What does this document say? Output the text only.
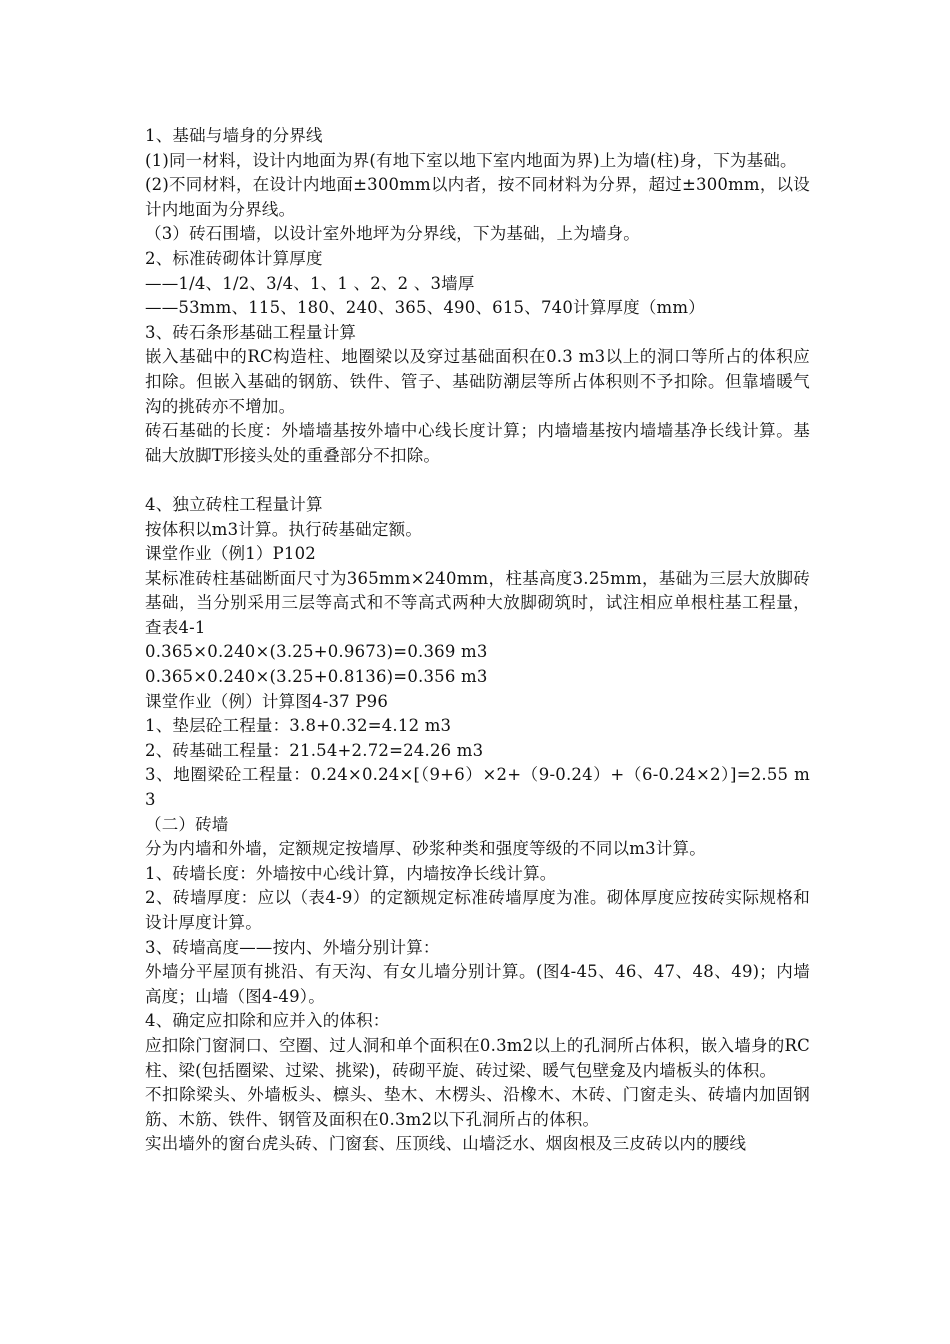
1、基础与墙身的分界线

(1)同一材料，设计内地面为界(有地下室以地下室内地面为界)上为墙(柱)身，下为基础。

(2)不同材料，在设计内地面±300mm以内者，按不同材料为分界，超过±300mm，以设计内地面为分界线。

（3）砖石围墙，以设计室外地坪为分界线，下为基础，上为墙身。

2、标准砖砌体计算厚度

——1/4、1/2、3/4、1、1 、2、2 、3墙厚

——53mm、115、180、240、365、490、615、740计算厚度（mm）

3、砖石条形基础工程量计算

嵌入基础中的RC构造柱、地圈梁以及穿过基础面积在0.3 m3以上的洞口等所占的体积应扣除。但嵌入基础的钢筋、铁件、管子、基础防潮层等所占体积则不予扣除。但靠墙暖气沟的挑砖亦不增加。

砖石基础的长度：外墙墙基按外墙中心线长度计算；内墙墙基按内墙墙基净长线计算。基础大放脚T形接头处的重叠部分不扣除。

4、独立砖柱工程量计算

按体积以m3计算。执行砖基础定额。

课堂作业（例1）P102

某标准砖柱基础断面尺寸为365mm×240mm，柱基高度3.25mm，基础为三层大放脚砖基础，当分别采用三层等高式和不等高式两种大放脚砌筑时，试注相应单根柱基工程量，查表4-1

0.365×0.240×(3.25+0.9673)=0.369 m3

0.365×0.240×(3.25+0.8136)=0.356 m3

课堂作业（例）计算图4-37 P96

1、垫层砼工程量：3.8+0.32=4.12 m3

2、砖基础工程量：21.54+2.72=24.26 m3

3、地圈梁砼工程量：0.24×0.24×[（9+6）×2+（9-0.24）+（6-0.24×2）]=2.55 m3

（二）砖墙

分为内墙和外墙，定额规定按墙厚、砂浆种类和强度等级的不同以m3计算。

1、砖墙长度：外墙按中心线计算，内墙按净长线计算。

2、砖墙厚度：应以（表4-9）的定额规定标准砖墙厚度为准。砌体厚度应按砖实际规格和设计厚度计算。

3、砖墙高度——按内、外墙分别计算：

外墙分平屋顶有挑沿、有天沟、有女儿墙分别计算。(图4-45、46、47、48、49)；内墙高度；山墙（图4-49）。

4、确定应扣除和应并入的体积：

应扣除门窗洞口、空圈、过人洞和单个面积在0.3m2以上的孔洞所占体积，嵌入墙身的RC柱、梁(包括圈梁、过梁、挑梁)，砖砌平旋、砖过梁、暖气包壁龛及内墙板头的体积。

不扣除梁头、外墙板头、檩头、垫木、木楞头、沿橡木、木砖、门窗走头、砖墙内加固钢筋、木筋、铁件、钢管及面积在0.3m2以下孔洞所占的体积。

实出墙外的窗台虎头砖、门窗套、压顶线、山墙泛水、烟囱根及三皮砖以内的腰线
